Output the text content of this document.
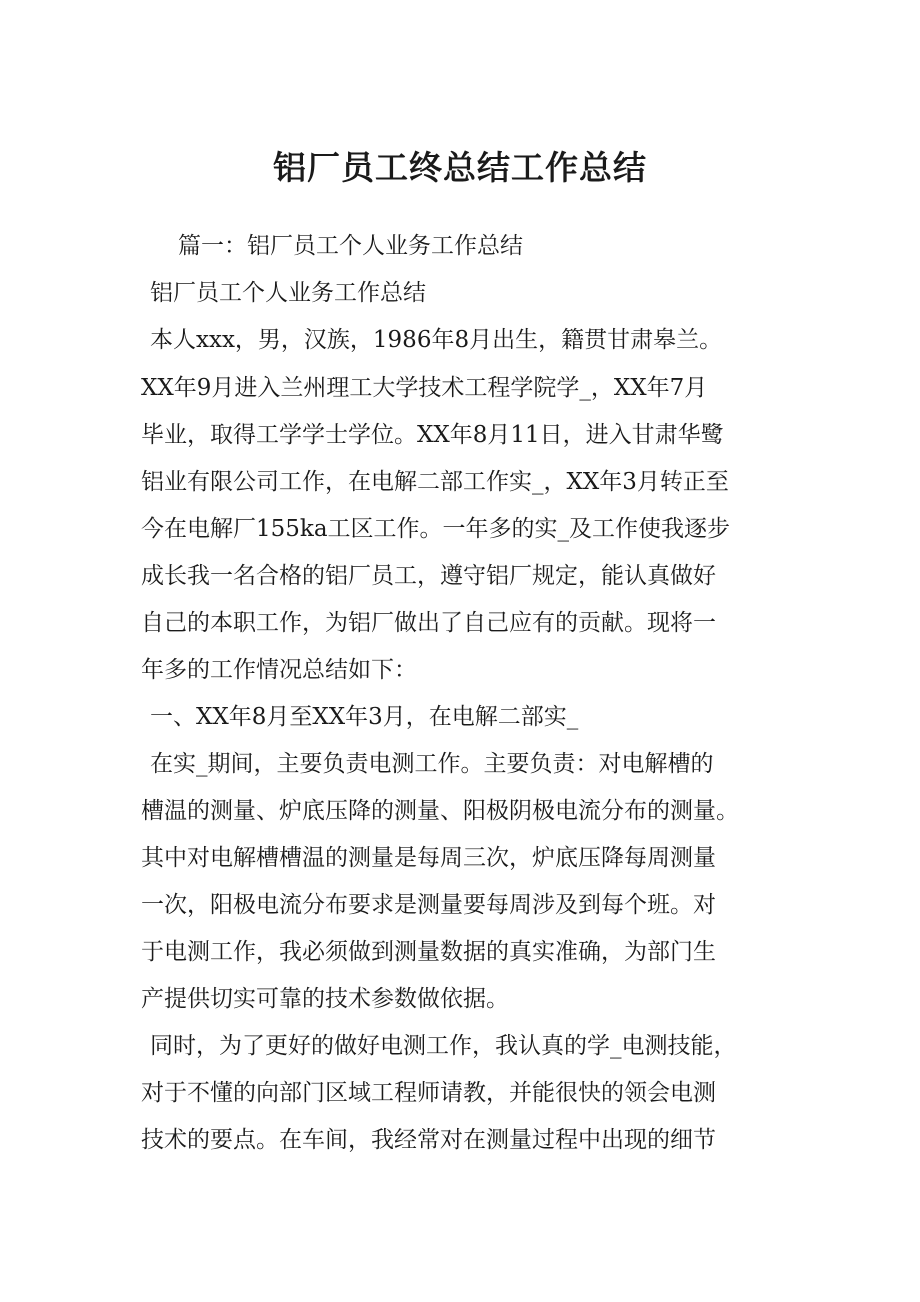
铝厂员工终总结工作总结

篇一：铝厂员工个人业务工作总结

铝厂员工个人业务工作总结

本人xxx，男，汉族，1986年8月出生，籍贯甘肃皋兰。

XX年9月进入兰州理工大学技术工程学院学_，XX年7月

毕业，取得工学学士学位。XX年8月11日，进入甘肃华鹭

铝业有限公司工作，在电解二部工作实_，XX年3月转正至

今在电解厂155ka工区工作。一年多的实_及工作使我逐步

成长我一名合格的铝厂员工，遵守铝厂规定，能认真做好

自己的本职工作，为铝厂做出了自己应有的贡献。现将一

年多的工作情况总结如下：

一、XX年8月至XX年3月，在电解二部实_

在实_期间，主要负责电测工作。主要负责：对电解槽的

槽温的测量、炉底压降的测量、阳极阴极电流分布的测量。

其中对电解槽槽温的测量是每周三次，炉底压降每周测量

一次，阳极电流分布要求是测量要每周涉及到每个班。对

于电测工作，我必须做到测量数据的真实准确，为部门生

产提供切实可靠的技术参数做依据。

同时，为了更好的做好电测工作，我认真的学_电测技能，

对于不懂的向部门区域工程师请教，并能很快的领会电测

技术的要点。在车间，我经常对在测量过程中出现的细节
